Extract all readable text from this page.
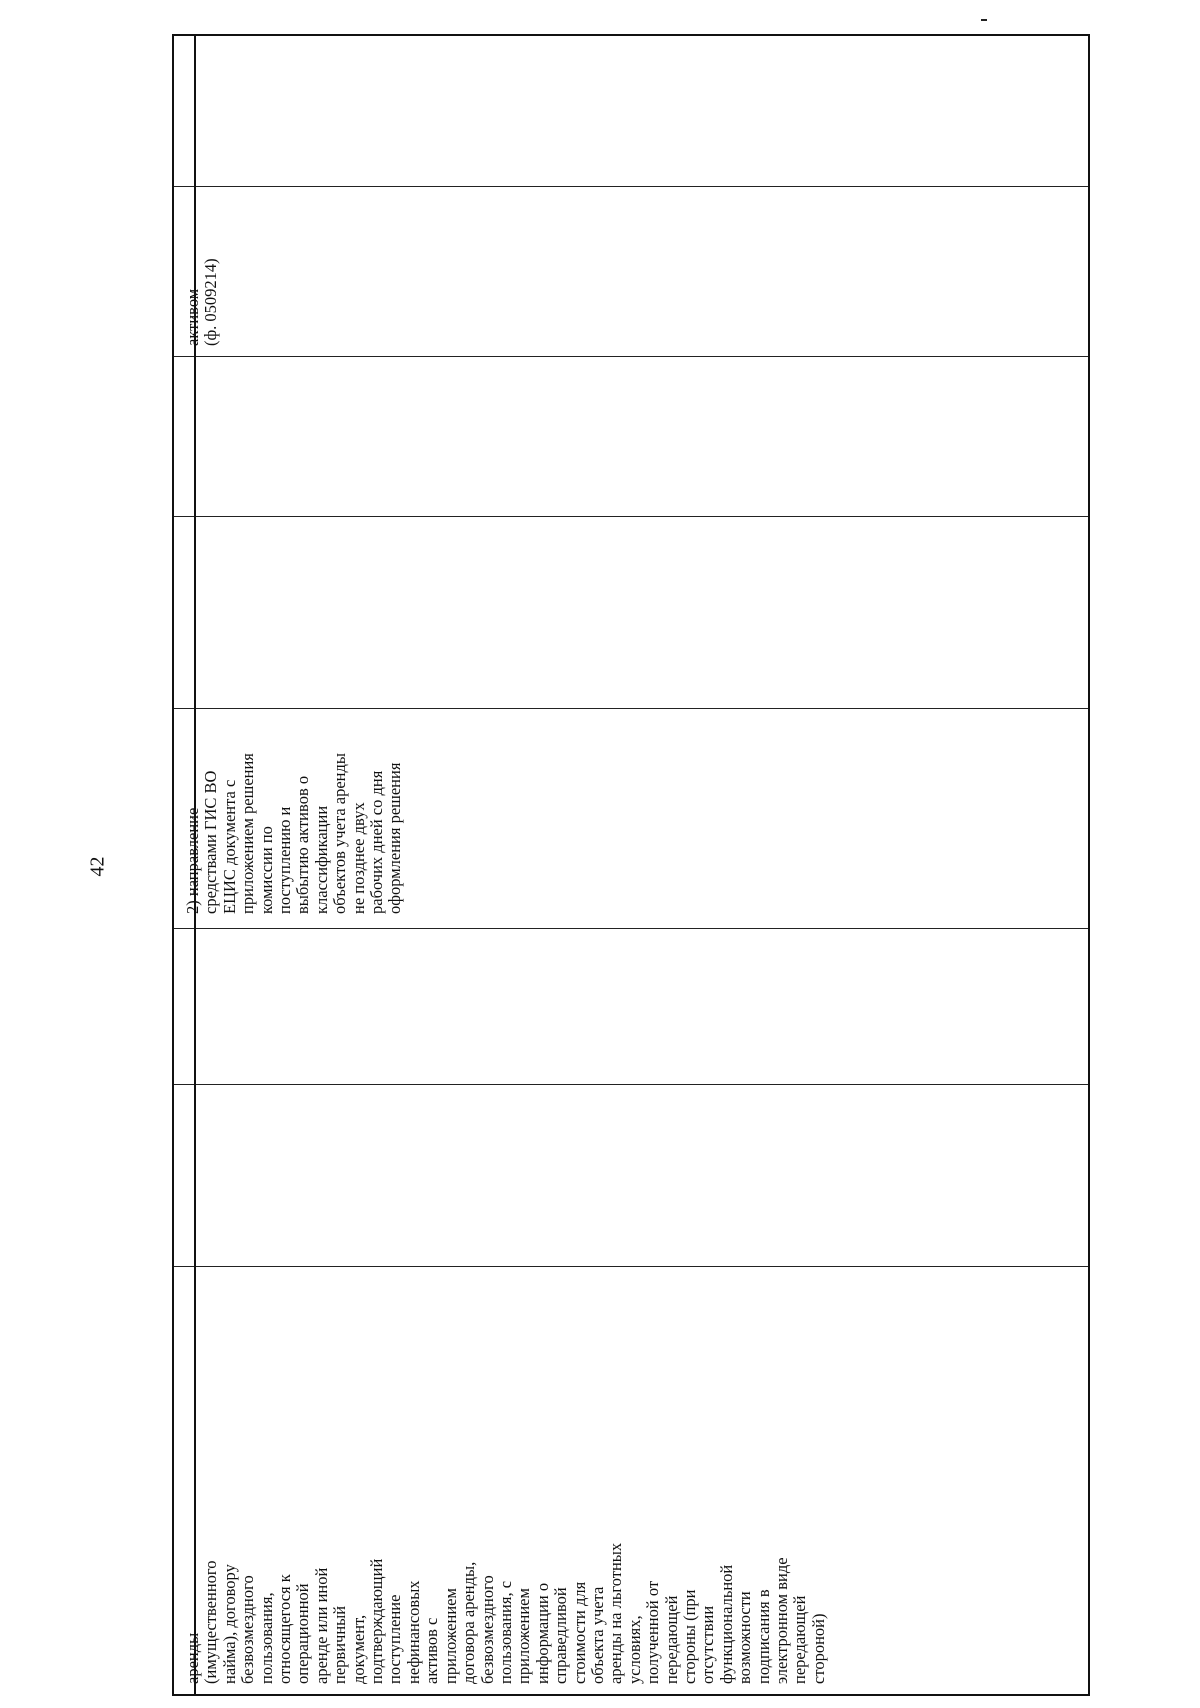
42
аренды
(имущественного
найма), договору
безвозмездного
пользования,
относящегося к
операционной
аренде или иной
первичный
документ,
подтверждающий
поступление
нефинансовых
активов с
приложением
договора аренды,
безвозмездного
пользования, с
приложением
информации о
справедливой
стоимости для
объекта учета
аренды на льготных
условиях,
полученной от
передающей
стороны (при
отсутствии
функциональной
возможности
подписания в
электронном виде
передающей
стороной)
2) направление
средствами ГИС ВО
ЕЦИС документа с
приложением решения
комиссии по
поступлению и
выбытию активов о
классификации
объектов учета аренды
не позднее двух
рабочих дней со дня
оформления решения
активом
(ф. 0509214)
